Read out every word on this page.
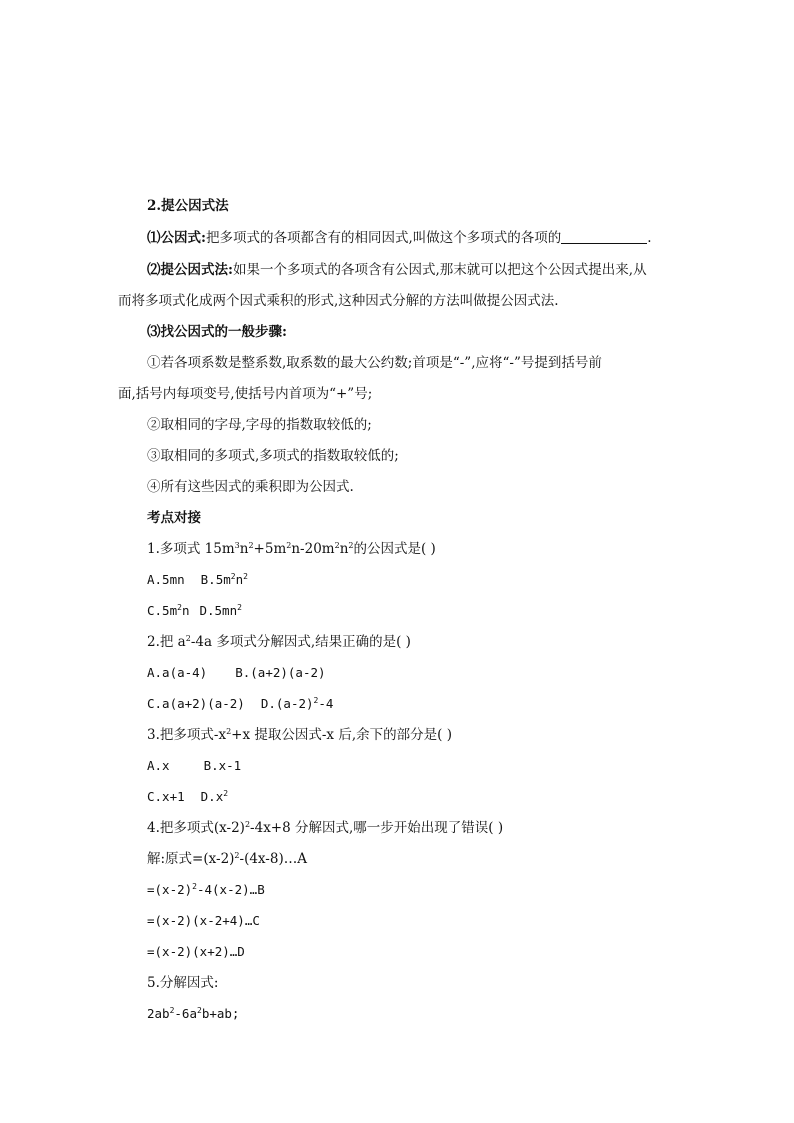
2.提公因式法
⑴公因式:把多项式的各项都含有的相同因式,叫做这个多项式的各项的	.
⑵提公因式法:如果一个多项式的各项含有公因式,那末就可以把这个公因式提出来,从
而将多项式化成两个因式乘积的形式,这种因式分解的方法叫做提公因式法.
⑶找公因式的一般步骤:
①若各项系数是整系数,取系数的最大公约数;首项是“-”,应将“-”号提到括号前
面,括号内每项变号,使括号内首项为“+”号;
②取相同的字母,字母的指数取较低的;
③取相同的多项式,多项式的指数取较低的;
④所有这些因式的乘积即为公因式.
考点对接
1.多项式 $15m^3n^2+5m^2n-20m^2n^2$的公因式是( )
A.5mn $B.5m^2n^2$
$C.5m^2n$ $D.5mn^2$
2.把 $a^2-4a$ 多项式分解因式,结果正确的是( )
A.a(a-4) B.(a+2)(a-2)
C.a(a+2)(a-2) $D.(a-2)^2-4$
3.把多项式$-x^2+x$ 提取公因式-x 后,余下的部分是( )
A.x	B.x-1
C.x+1 $D.x^2$
4.把多项式$(x-2)^2-4x+8$ 分解因式,哪一步开始出现了错误( )
解:原式$=(x-2)^2-(4x-8)\dots A$
$=(x-2)^2-4(x-2)\dots B$
=(x-2)(x-2+4)…C
=(x-2)(x+2)…D
5.分解因式:
$2ab^2-6a^2b+ab$;
